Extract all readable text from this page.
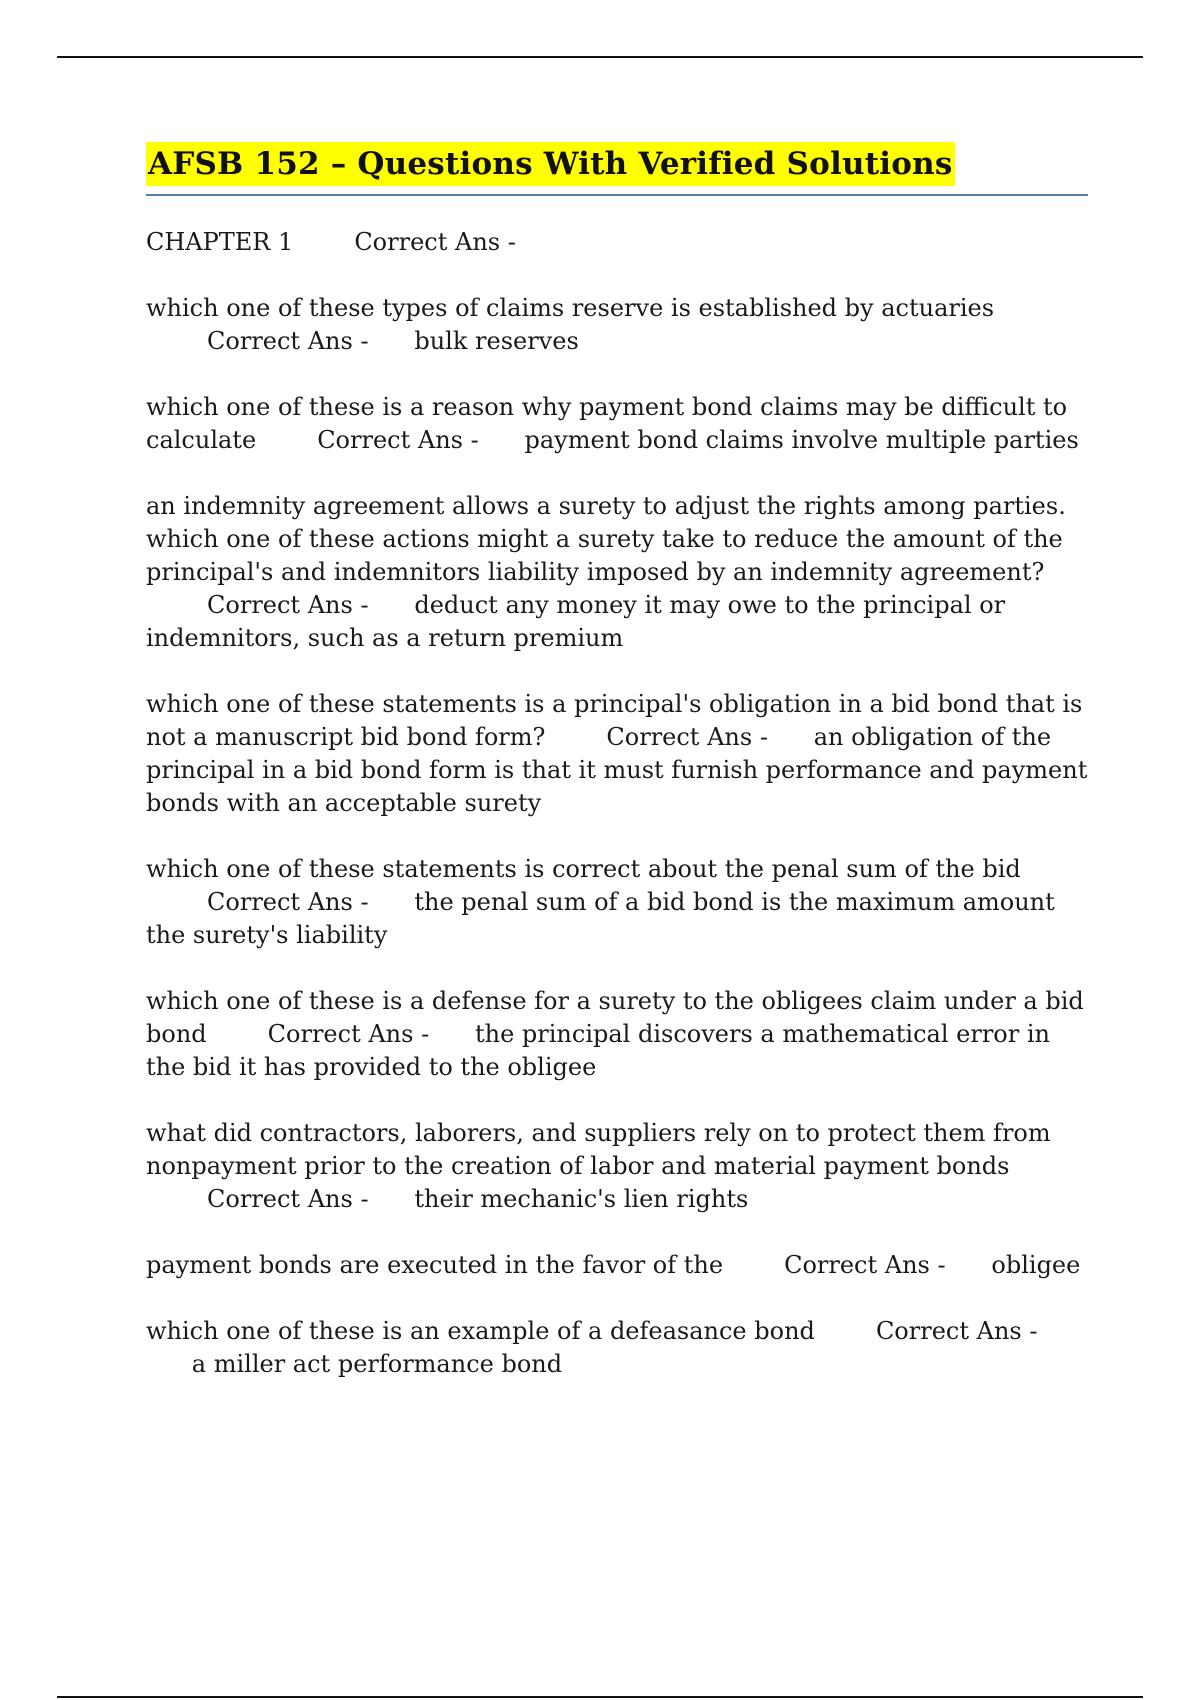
AFSB 152 – Questions With Verified Solutions

CHAPTER 1	Correct Ans -

which one of these types of claims reserve is established by actuaries        Correct Ans - bulk reserves

which one of these is a reason why payment bond claims may be difficult to calculate	Correct Ans - payment bond claims involve multiple parties

an indemnity agreement allows a surety to adjust the rights among parties. which one of these actions might a surety take to reduce the amount of the principal's and indemnitors liability imposed by an indemnity agreement?        Correct Ans - deduct any money it may owe to the principal or indemnitors, such as a return premium

which one of these statements is a principal's obligation in a bid bond that is not a manuscript bid bond form?	Correct Ans - an obligation of the principal in a bid bond form is that it must furnish performance and payment bonds with an acceptable surety

which one of these statements is correct about the penal sum of the bid        Correct Ans - the penal sum of a bid bond is the maximum amount the surety's liability

which one of these is a defense for a surety to the obligees claim under a bid bond	Correct Ans - the principal discovers a mathematical error in the bid it has provided to the obligee

what did contractors, laborers, and suppliers rely on to protect them from nonpayment prior to the creation of labor and material payment bonds        Correct Ans - their mechanic's lien rights

payment bonds are executed in the favor of the	Correct Ans - obligee

which one of these is an example of a defeasance bond	Correct Ans -      a miller act performance bond
